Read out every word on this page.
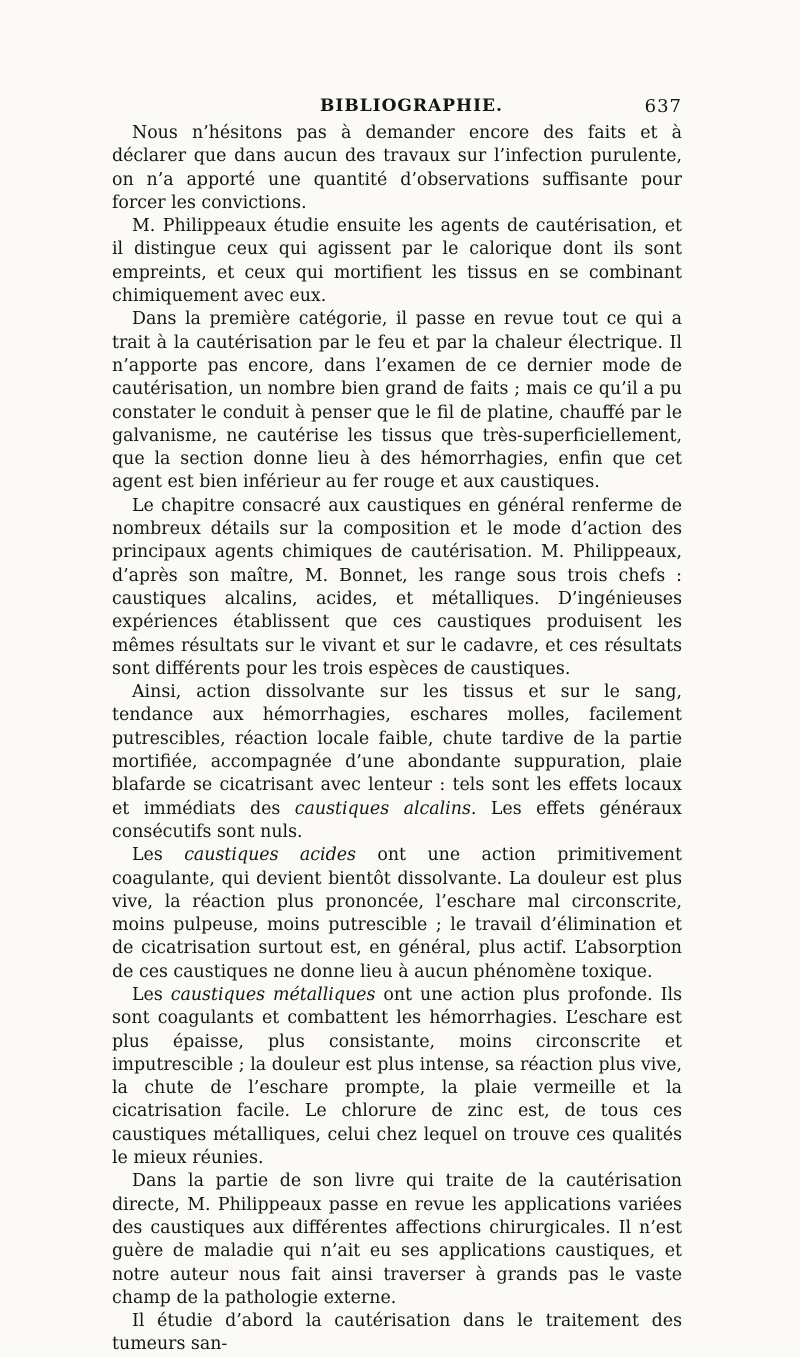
BIBLIOGRAPHIE.	637

Nous n’hésitons pas à demander encore des faits et à déclarer que dans aucun des travaux sur l’infection purulente, on n’a apporté une quantité d’observations suffisante pour forcer les convictions.

M. Philippeaux étudie ensuite les agents de cautérisation, et il distingue ceux qui agissent par le calorique dont ils sont empreints, et ceux qui mortifient les tissus en se combinant chimiquement avec eux.

Dans la première catégorie, il passe en revue tout ce qui a trait à la cautérisation par le feu et par la chaleur électrique. Il n’apporte pas encore, dans l’examen de ce dernier mode de cautérisation, un nombre bien grand de faits ; mais ce qu’il a pu constater le conduit à penser que le fil de platine, chauffé par le galvanisme, ne cautérise les tissus que très-superficiellement, que la section donne lieu à des hémorrhagies, enfin que cet agent est bien inférieur au fer rouge et aux caustiques.

Le chapitre consacré aux caustiques en général renferme de nombreux détails sur la composition et le mode d’action des principaux agents chimiques de cautérisation. M. Philippeaux, d’après son maître, M. Bonnet, les range sous trois chefs : caustiques alcalins, acides, et métalliques. D’ingénieuses expériences établissent que ces caustiques produisent les mêmes résultats sur le vivant et sur le cadavre, et ces résultats sont différents pour les trois espèces de caustiques.

Ainsi, action dissolvante sur les tissus et sur le sang, tendance aux hémorrhagies, eschares molles, facilement putrescibles, réaction locale faible, chute tardive de la partie mortifiée, accompagnée d’une abondante suppuration, plaie blafarde se cicatrisant avec lenteur : tels sont les effets locaux et immédiats des caustiques alcalins. Les effets généraux consécutifs sont nuls.

Les caustiques acides ont une action primitivement coagulante, qui devient bientôt dissolvante. La douleur est plus vive, la réaction plus prononcée, l’eschare mal circonscrite, moins pulpeuse, moins putrescible ; le travail d’élimination et de cicatrisation surtout est, en général, plus actif. L’absorption de ces caustiques ne donne lieu à aucun phénomène toxique.

Les caustiques métalliques ont une action plus profonde. Ils sont coagulants et combattent les hémorrhagies. L’eschare est plus épaisse, plus consistante, moins circonscrite et imputrescible ; la douleur est plus intense, sa réaction plus vive, la chute de l’eschare prompte, la plaie vermeille et la cicatrisation facile. Le chlorure de zinc est, de tous ces caustiques métalliques, celui chez lequel on trouve ces qualités le mieux réunies.

Dans la partie de son livre qui traite de la cautérisation directe, M. Philippeaux passe en revue les applications variées des caustiques aux différentes affections chirurgicales. Il n’est guère de maladie qui n’ait eu ses applications caustiques, et notre auteur nous fait ainsi traverser à grands pas le vaste champ de la pathologie externe.

Il étudie d’abord la cautérisation dans le traitement des tumeurs san-
